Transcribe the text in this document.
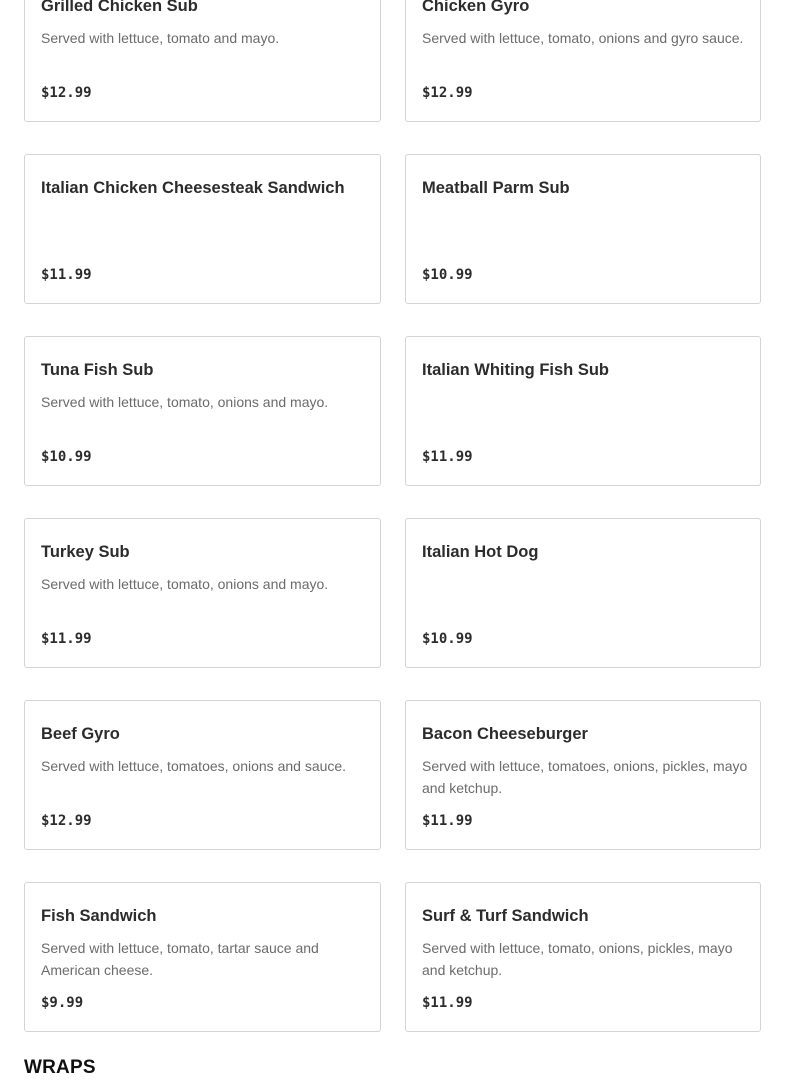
Grilled Chicken Sub
Served with lettuce, tomato and mayo.
$12.99
Chicken Gyro
Served with lettuce, tomato, onions and gyro sauce.
$12.99
Italian Chicken Cheesesteak Sandwich
$11.99
Meatball Parm Sub
$10.99
Tuna Fish Sub
Served with lettuce, tomato, onions and mayo.
$10.99
Italian Whiting Fish Sub
$11.99
Turkey Sub
Served with lettuce, tomato, onions and mayo.
$11.99
Italian Hot Dog
$10.99
Beef Gyro
Served with lettuce, tomatoes, onions and sauce.
$12.99
Bacon Cheeseburger
Served with lettuce, tomatoes, onions, pickles, mayo and ketchup.
$11.99
Fish Sandwich
Served with lettuce, tomato, tartar sauce and American cheese.
$9.99
Surf & Turf Sandwich
Served with lettuce, tomato, onions, pickles, mayo and ketchup.
$11.99
WRAPS
